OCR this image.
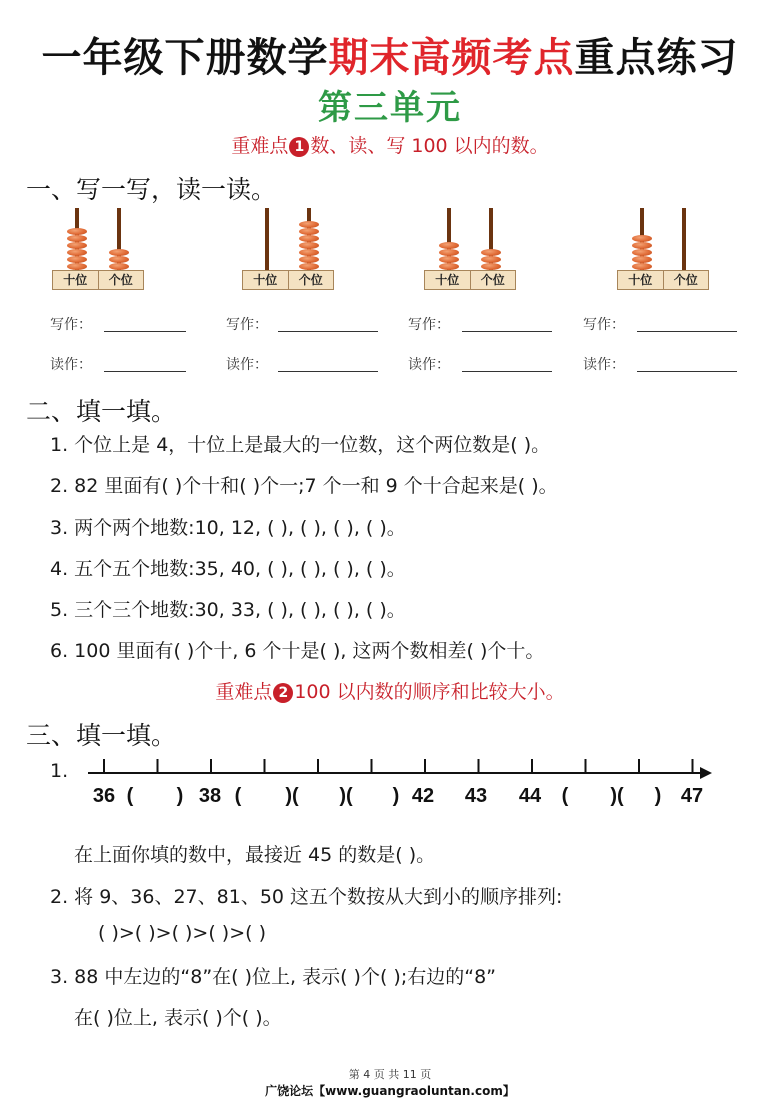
一年级下册数学期末高频考点重点练习
第三单元
重难点 1 数、读、写 100 以内的数。
一、写一写，读一读。
十位	个位	十位	个位	十位	个位	十位	个位
写作：	写作：	写作：	写作：
读作：	读作：	读作：	读作：
二、填一填。
1. 个位上是 4，十位上是最大的一位数，这个两位数是( )。
2. 82 里面有( )个十和( )个一;7 个一和 9 个十合起来是( )。
3. 两个两个地数:10, 12, ( ), ( ), ( ), ( )。
4. 五个五个地数:35, 40, ( ), ( ), ( ), ( )。
5. 三个三个地数:30, 33, ( ), ( ), ( ), ( )。
6. 100 里面有( )个十, 6 个十是( ), 这两个数相差( )个十。
重难点 2 100 以内数的顺序和比较大小。
三、填一填。
1.
36 ( ) 38 ( )( )( ) 42 43 44 ( )( ) 47
在上面你填的数中，最接近 45 的数是( )。
2. 将 9、36、27、81、50 这五个数按从大到小的顺序排列:
( )>( )>( )>( )>( )
3. 88 中左边的“8”在( )位上, 表示( )个( );右边的“8”
在( )位上, 表示( )个( )。
第 4 页 共 11 页
广饶论坛【www.guangraoluntan.com】
